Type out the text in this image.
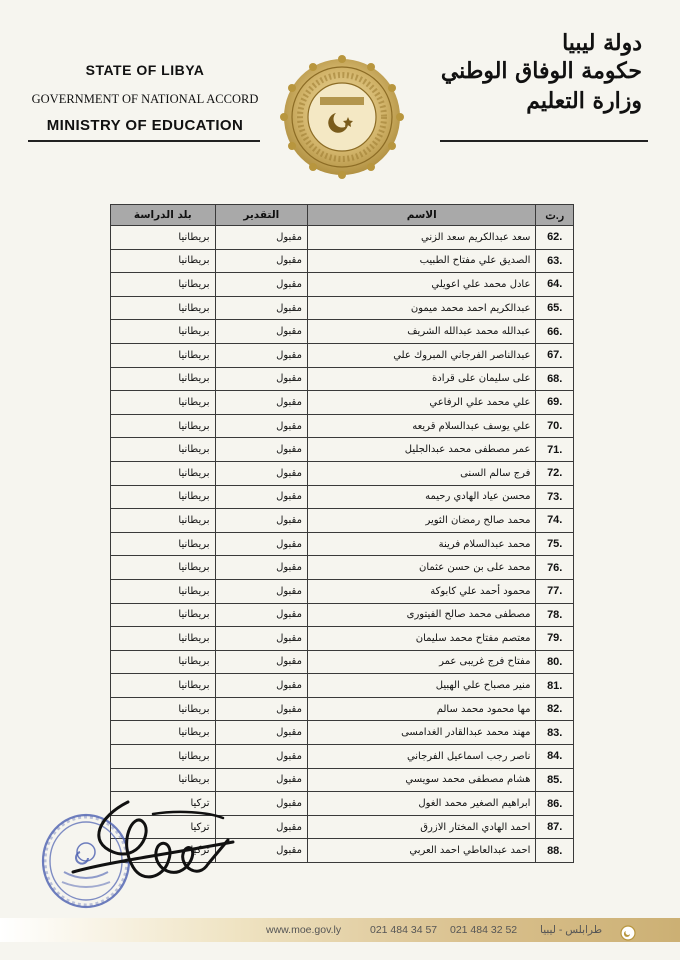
STATE OF LIBYA
GOVERNMENT OF NATIONAL ACCORD
MINISTRY OF EDUCATION
دولة ليبيا
حكومة الوفاق الوطني
وزارة التعليم
ر.ت	الاسم	التقدير	بلد الدراسة
62.	سعد عبدالكريم سعد الزني	مقبول	بريطانيا
63.	الصديق علي مفتاح الطبيب	مقبول	بريطانيا
64.	عادل محمد علي اعويلي	مقبول	بريطانيا
65.	عبدالكريم احمد محمد ميمون	مقبول	بريطانيا
66.	عبدالله محمد عبدالله الشريف	مقبول	بريطانيا
67.	عبدالناصر الفرجاني المبروك علي	مقبول	بريطانيا
68.	على سليمان على قرادة	مقبول	بريطانيا
69.	علي محمد علي الرفاعي	مقبول	بريطانيا
70.	علي يوسف عبدالسلام قريعه	مقبول	بريطانيا
71.	عمر مصطفى محمد عبدالجليل	مقبول	بريطانيا
72.	فرج سالم السنى	مقبول	بريطانيا
73.	محسن عياد الهادي رحيمه	مقبول	بريطانيا
74.	محمد صالح رمضان الثوير	مقبول	بريطانيا
75.	محمد عبدالسلام فرينة	مقبول	بريطانيا
76.	محمد على بن حسن عثمان	مقبول	بريطانيا
77.	محمود أحمد علي كابوكة	مقبول	بريطانيا
78.	مصطفى محمد صالح الفيتورى	مقبول	بريطانيا
79.	معتصم مفتاح محمد سليمان	مقبول	بريطانيا
80.	مفتاح فرج غريبى عمر	مقبول	بريطانيا
81.	منير مصباح علي الهبيل	مقبول	بريطانيا
82.	مها محمود محمد سالم	مقبول	بريطانيا
83.	مهند محمد عبدالقادر الغدامسى	مقبول	بريطانيا
84.	ناصر رجب اسماعيل الفرجاني	مقبول	بريطانيا
85.	هشام مصطفى محمد سويسي	مقبول	بريطانيا
86.	ابراهيم الصغير محمد الغول	مقبول	تركيا
87.	احمد الهادي المختار الازرق	مقبول	تركيا
88.	احمد عبدالعاطي احمد العربي	مقبول	تركيا
www.moe.gov.ly	021 484 34 57 021 484 32 52 طرابلس - ليبيا
